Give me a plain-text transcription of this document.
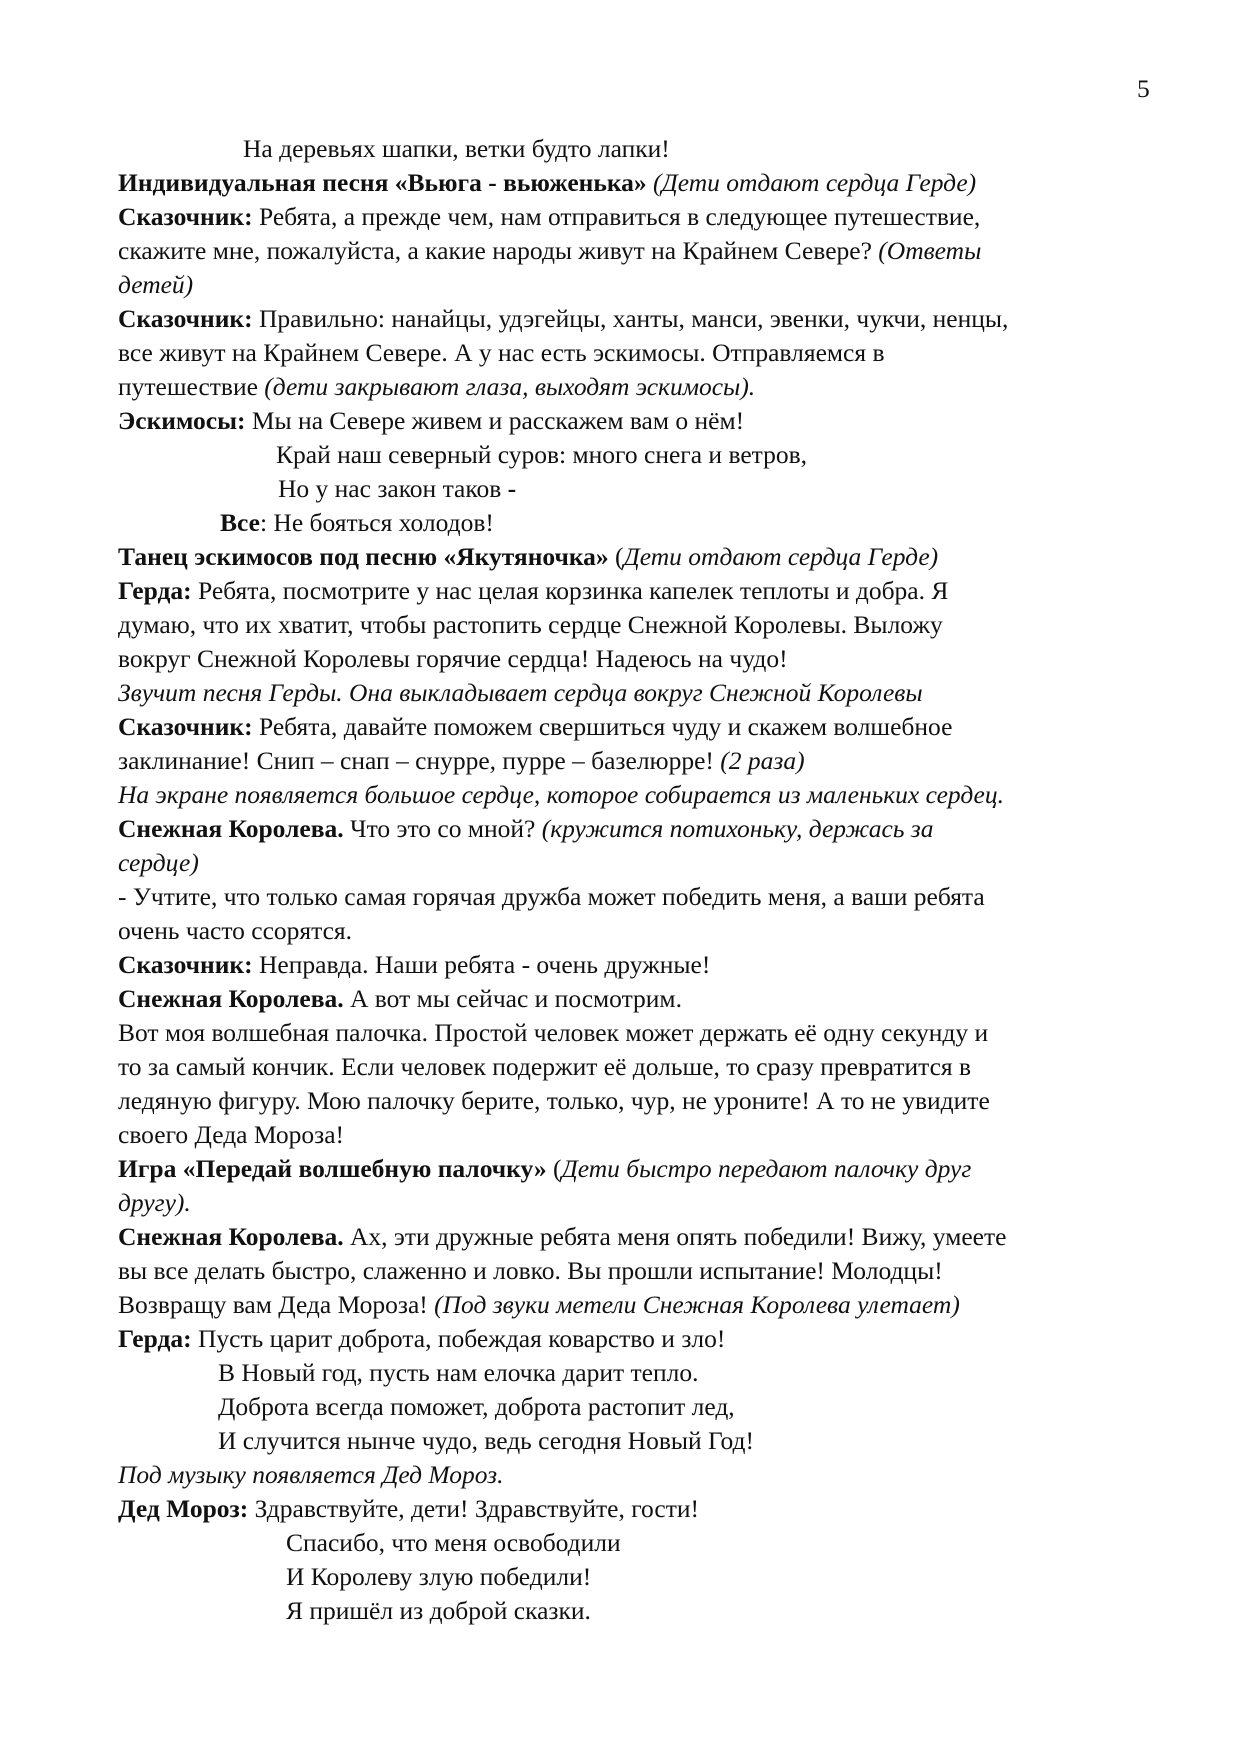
5
На деревьях шапки, ветки будто лапки!
Индивидуальная песня «Вьюга - вьюженька» (Дети отдают сердца Герде)
Сказочник: Ребята, а прежде чем, нам отправиться в следующее путешествие,
скажите мне, пожалуйста, а какие народы живут на Крайнем Севере? (Ответы
детей)
Сказочник: Правильно: нанайцы, удэгейцы, ханты, манси, эвенки, чукчи, ненцы,
все живут на Крайнем Севере. А у нас есть эскимосы. Отправляемся в
путешествие (дети закрывают глаза, выходят эскимосы).
Эскимосы: Мы на Севере живем и расскажем вам о нём!
Край наш северный суров: много снега и ветров,
Но у нас закон таков -
Все: Не бояться холодов!
Танец эскимосов под песню «Якутяночка» (Дети отдают сердца Герде)
Герда: Ребята, посмотрите у нас целая корзинка капелек теплоты и добра. Я
думаю, что их хватит, чтобы растопить сердце Снежной Королевы. Выложу
вокруг Снежной Королевы горячие сердца! Надеюсь на чудо!
Звучит песня Герды. Она выкладывает сердца вокруг Снежной Королевы
Сказочник: Ребята, давайте поможем свершиться чуду и скажем волшебное
заклинание! Снип – снап – снурре, пурре – базелюрре! (2 раза)
На экране появляется большое сердце, которое собирается из маленьких сердец.
Снежная Королева. Что это со мной? (кружится потихоньку, держась за
сердце)
- Учтите, что только самая горячая дружба может победить меня, а ваши ребята
очень часто ссорятся.
Сказочник: Неправда. Наши ребята - очень дружные!
Снежная Королева. А вот мы сейчас и посмотрим.
Вот моя волшебная палочка. Простой человек может держать её одну секунду и
то за самый кончик. Если человек подержит её дольше, то сразу превратится в
ледяную фигуру. Мою палочку берите, только, чур, не уроните! А то не увидите
своего Деда Мороза!
Игра «Передай волшебную палочку» (Дети быстро передают палочку друг
другу).
Снежная Королева. Ах, эти дружные ребята меня опять победили! Вижу, умеете
вы все делать быстро, слаженно и ловко. Вы прошли испытание! Молодцы!
Возвращу вам Деда Мороза! (Под звуки метели Снежная Королева улетает)
Герда: Пусть царит доброта, побеждая коварство и зло!
В Новый год, пусть нам елочка дарит тепло.
Доброта всегда поможет, доброта растопит лед,
И случится нынче чудо, ведь сегодня Новый Год!
Под музыку появляется Дед Мороз.
Дед Мороз: Здравствуйте, дети! Здравствуйте, гости!
Спасибо, что меня освободили
И Королеву злую победили!
Я пришёл из доброй сказки.
